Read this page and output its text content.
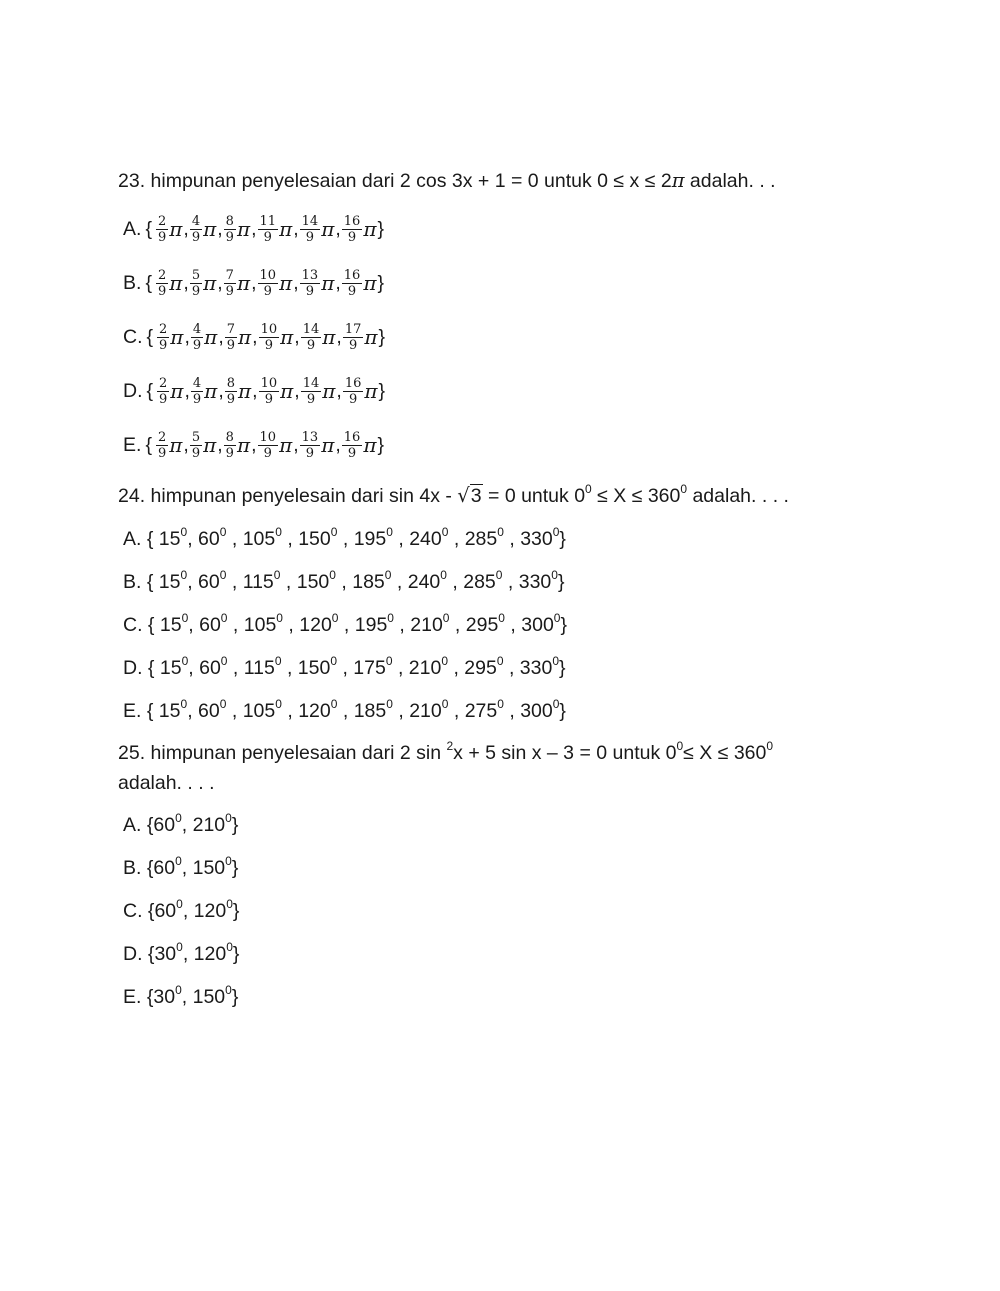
23. himpunan penyelesaian dari 2 cos 3x + 1 = 0 untuk 0 ≤ x ≤ 2π adalah. . .
A. { $\frac{2}{9}$ π , $\frac{4}{9}$ π , $\frac{8}{9}$ π , $\frac{11}{9}$ π , $\frac{14}{9}$ π , $\frac{16}{9}$ π }
B. { $\frac{2}{9}$ π , $\frac{5}{9}$ π , $\frac{7}{9}$ π , $\frac{10}{9}$ π , $\frac{13}{9}$ π , $\frac{16}{9}$ π }
C. { $\frac{2}{9}$ π , $\frac{4}{9}$ π , $\frac{7}{9}$ π , $\frac{10}{9}$ π , $\frac{14}{9}$ π , $\frac{17}{9}$ π }
D. { $\frac{2}{9}$ π , $\frac{4}{9}$ π , $\frac{8}{9}$ π , $\frac{10}{9}$ π , $\frac{14}{9}$ π , $\frac{16}{9}$ π }
E. { $\frac{2}{9}$ π , $\frac{5}{9}$ π , $\frac{8}{9}$ π , $\frac{10}{9}$ π , $\frac{13}{9}$ π , $\frac{16}{9}$ π }
24. himpunan penyelesain dari sin 4x - √3 = 0 untuk $0^0 \le X \le 360^0$ adalah. . . .
A. { $15^0$, $60^0$ , $105^0$ , $150^0$ , $195^0$ , $240^0$ , $285^0$ , $330^0$}
B. { $15^0$, $60^0$ , $115^0$ , $150^0$ , $185^0$ , $240^0$ , $285^0$ , $330^0$}
C. { $15^0$, $60^0$ , $105^0$ , $120^0$ , $195^0$ , $210^0$ , $295^0$ , $300^0$}
D. { $15^0$, $60^0$ , $115^0$ , $150^0$ , $175^0$ , $210^0$ , $295^0$ , $330^0$}
E. { $15^0$, $60^0$ , $105^0$ , $120^0$ , $185^0$ , $210^0$ , $275^0$ , $300^0$}
25. himpunan penyelesaian dari 2 sin $^2$x + 5 sin x – 3 = 0 untuk $0^0\le X \le 360^0$
adalah. . . .
A. {$60^0$, $210^0$}
B. {$60^0$, $150^0$}
C. {$60^0$, $120^0$}
D. {$30^0$, $120^0$}
E. {$30^0$, $150^0$}
